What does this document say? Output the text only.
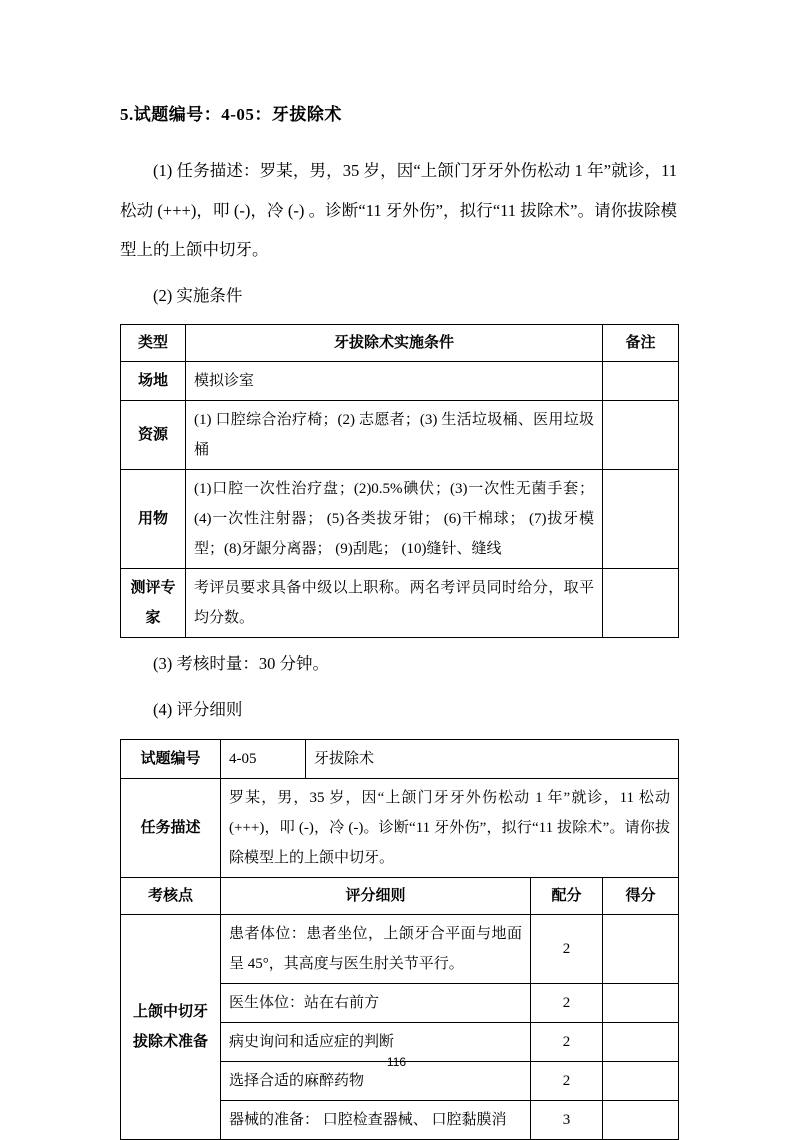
5.试题编号：4-05：牙拔除术

(1) 任务描述：罗某，男，35 岁，因“上颌门牙牙外伤松动 1 年”就诊，11 松动 (+++)，叩 (-)，冷 (-) 。诊断“11 牙外伤”，拟行“11 拔除术”。请你拔除模型上的上颌中切牙。

(2) 实施条件

类型	牙拔除术实施条件	备注
场地	模拟诊室	
资源	(1) 口腔综合治疗椅；(2) 志愿者；(3) 生活垃圾桶、医用垃圾桶	
用物	(1)口腔一次性治疗盘；(2)0.5%碘伏；(3)一次性无菌手套；(4)一次性注射器； (5)各类拔牙钳； (6)干棉球； (7)拔牙模型；(8)牙龈分离器； (9)刮匙； (10)缝针、缝线	
测评专家	考评员要求具备中级以上职称。两名考评员同时给分，取平均分数。	

(3) 考核时量：30 分钟。

(4) 评分细则

试题编号	4-05	牙拔除术		
任务描述	罗某，男，35 岁，因“上颌门牙牙外伤松动 1 年”就诊，11 松动 (+++)，叩 (-)，冷 (-)。诊断“11 牙外伤”，拟行“11 拔除术”。请你拔除模型上的上颌中切牙。			
考核点	评分细则		配分	得分
上颌中切牙拔除术准备	患者体位：患者坐位，上颌牙合平面与地面呈 45°，其高度与医生肘关节平行。		2	
	医生体位：站在右前方		2	
	病史询问和适应症的判断		2	
	选择合适的麻醉药物		2	
	器械的准备： 口腔检查器械、 口腔黏膜消		3	
116
